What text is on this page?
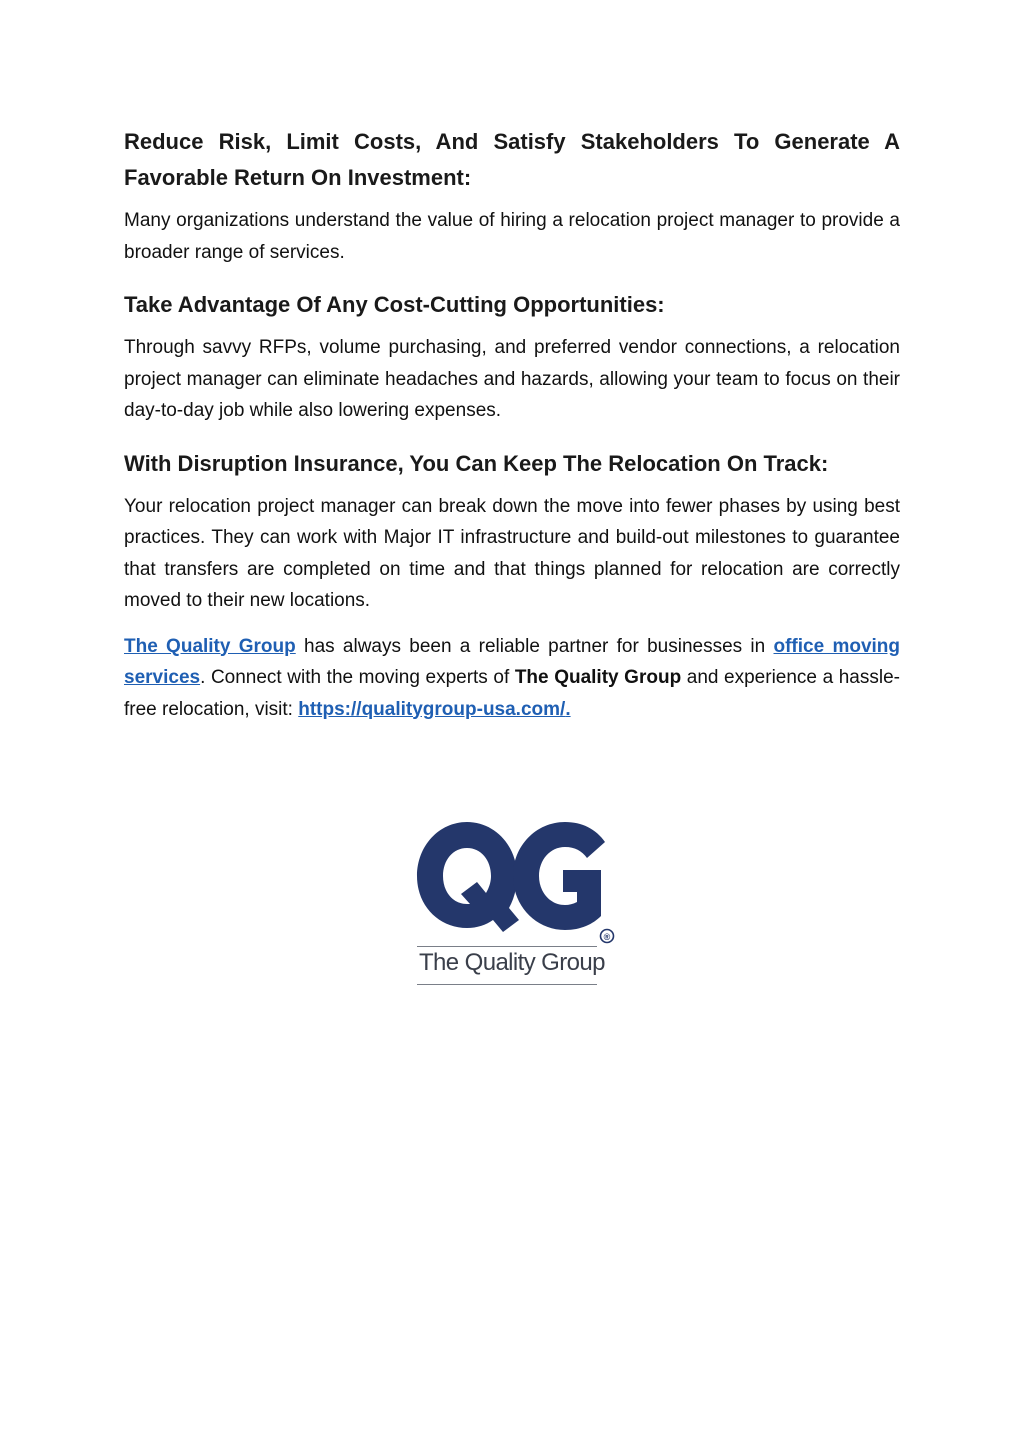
Reduce Risk, Limit Costs, And Satisfy Stakeholders To Generate A Favorable Return On Investment:

Many organizations understand the value of hiring a relocation project manager to provide a broader range of services.

Take Advantage Of Any Cost-Cutting Opportunities:

Through savvy RFPs, volume purchasing, and preferred vendor connections, a relocation project manager can eliminate headaches and hazards, allowing your team to focus on their day-to-day job while also lowering expenses.

With Disruption Insurance, You Can Keep The Relocation On Track:

Your relocation project manager can break down the move into fewer phases by using best practices. They can work with Major IT infrastructure and build-out milestones to guarantee that transfers are completed on time and that things planned for relocation are correctly moved to their new locations.

The Quality Group has always been a reliable partner for businesses in office moving services. Connect with the moving experts of The Quality Group and experience a hassle-free relocation, visit: https://qualitygroup-usa.com/.

®
The Quality Group
